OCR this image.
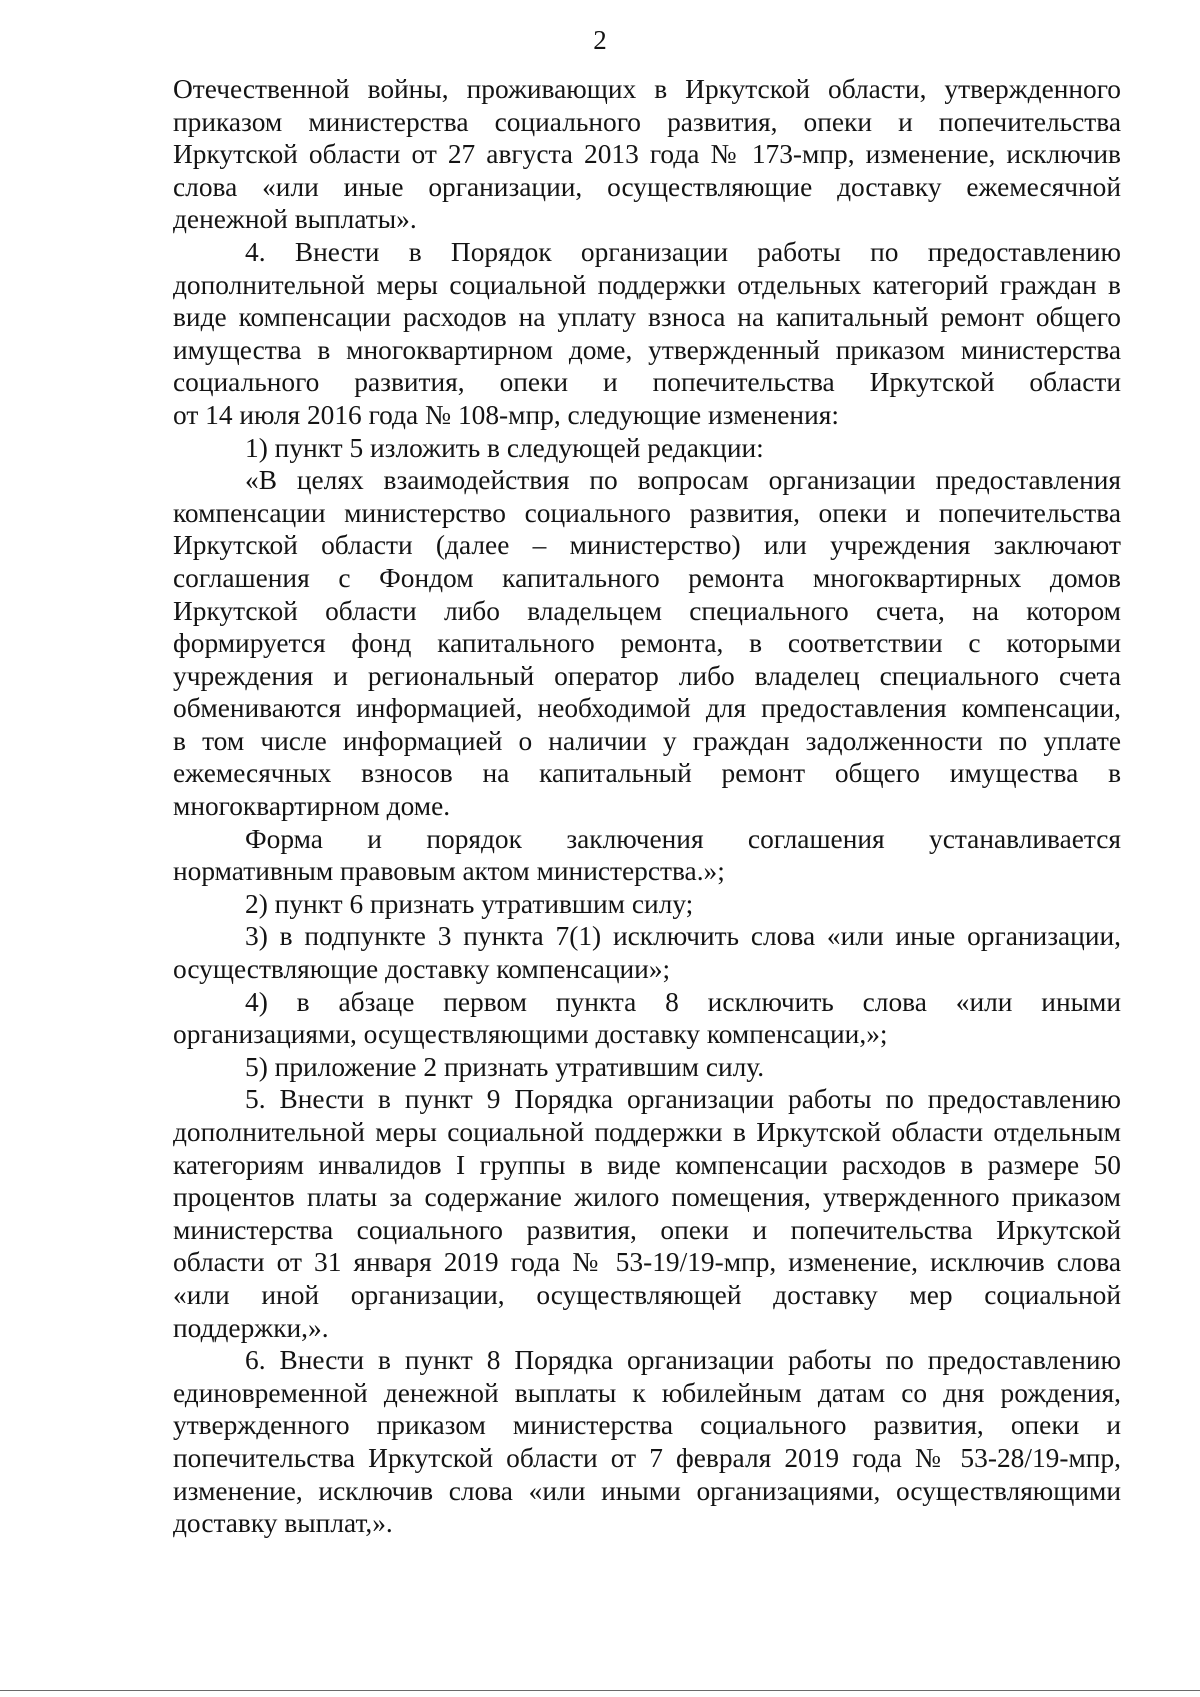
2
Отечественной войны, проживающих в Иркутской области, утвержденного
приказом министерства социального развития, опеки и попечительства
Иркутской области от 27 августа 2013 года № 173-мпр, изменение, исключив
слова «или иные организации, осуществляющие доставку ежемесячной
денежной выплаты».
4. Внести в Порядок организации работы по предоставлению
дополнительной меры социальной поддержки отдельных категорий граждан в
виде компенсации расходов на уплату взноса на капитальный ремонт общего
имущества в многоквартирном доме, утвержденный приказом министерства
социального развития, опеки и попечительства Иркутской области
от 14 июля 2016 года № 108-мпр, следующие изменения:
1) пункт 5 изложить в следующей редакции:
«В целях взаимодействия по вопросам организации предоставления
компенсации министерство социального развития, опеки и попечительства
Иркутской области (далее – министерство) или учреждения заключают
соглашения с Фондом капитального ремонта многоквартирных домов
Иркутской области либо владельцем специального счета, на котором
формируется фонд капитального ремонта, в соответствии с которыми
учреждения и региональный оператор либо владелец специального счета
обмениваются информацией, необходимой для предоставления компенсации,
в том числе информацией о наличии у граждан задолженности по уплате
ежемесячных взносов на капитальный ремонт общего имущества в
многоквартирном доме.
Форма и порядок заключения соглашения устанавливается
нормативным правовым актом министерства.»;
2) пункт 6 признать утратившим силу;
3) в подпункте 3 пункта 7(1) исключить слова «или иные организации,
осуществляющие доставку компенсации»;
4) в абзаце первом пункта 8 исключить слова «или иными
организациями, осуществляющими доставку компенсации,»;
5) приложение 2 признать утратившим силу.
5. Внести в пункт 9 Порядка организации работы по предоставлению
дополнительной меры социальной поддержки в Иркутской области отдельным
категориям инвалидов I группы в виде компенсации расходов в размере 50
процентов платы за содержание жилого помещения, утвержденного приказом
министерства социального развития, опеки и попечительства Иркутской
области от 31 января 2019 года № 53-19/19-мпр, изменение, исключив слова
«или иной организации, осуществляющей доставку мер социальной
поддержки,».
6. Внести в пункт 8 Порядка организации работы по предоставлению
единовременной денежной выплаты к юбилейным датам со дня рождения,
утвержденного приказом министерства социального развития, опеки и
попечительства Иркутской области от 7 февраля 2019 года № 53-28/19-мпр,
изменение, исключив слова «или иными организациями, осуществляющими
доставку выплат,».
